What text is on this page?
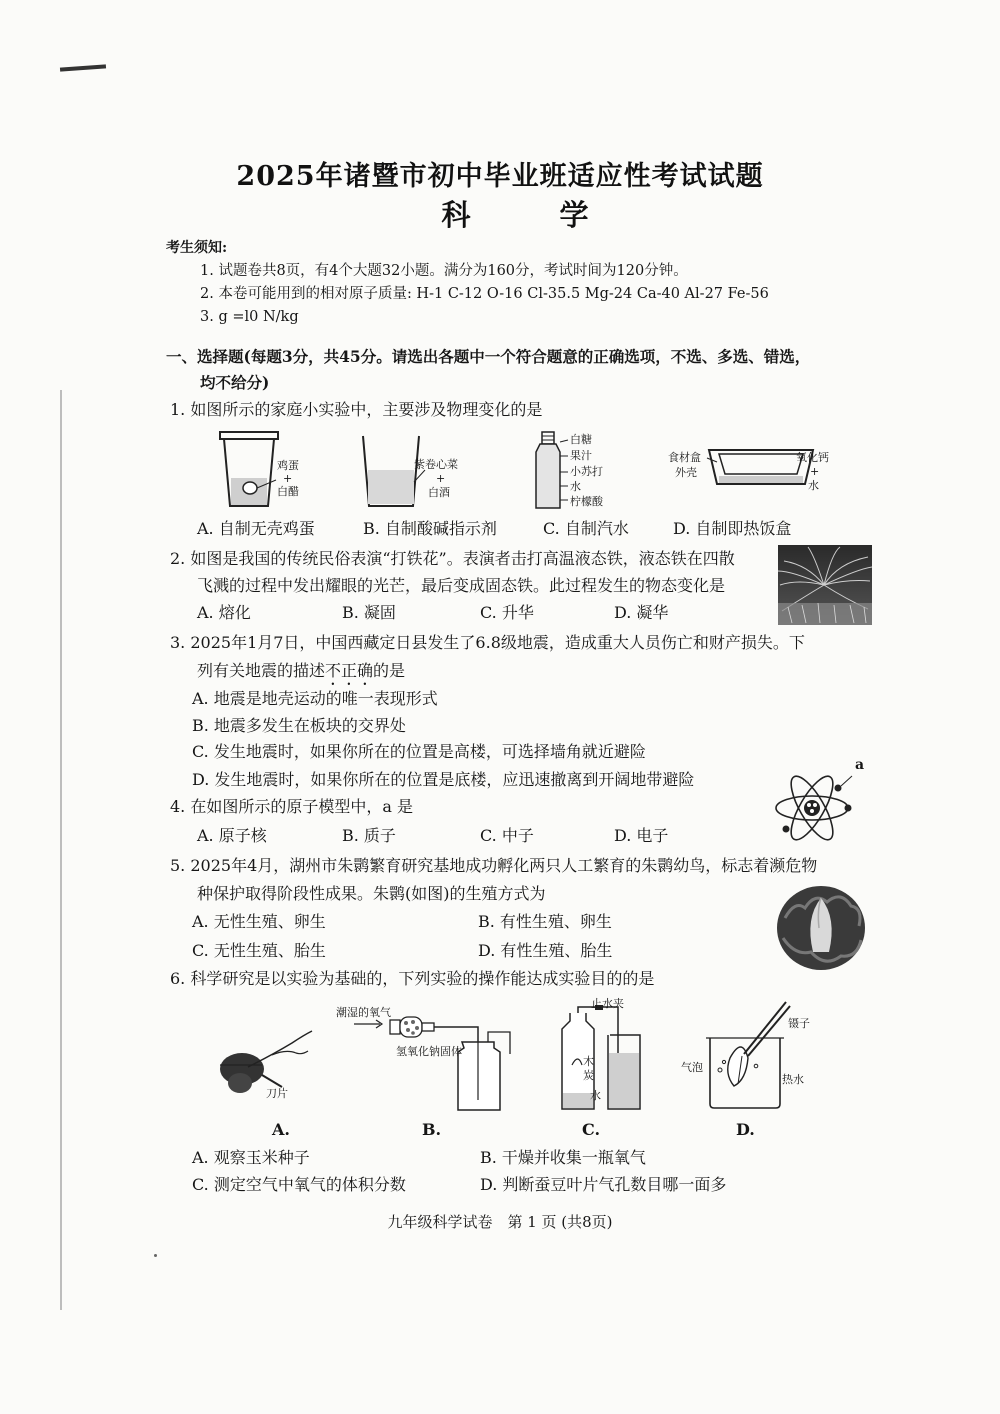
2025年诸暨市初中毕业班适应性考试试题
科　学
考生须知:
1. 试题卷共8页，有4个大题32小题。满分为160分，考试时间为120分钟。
2. 本卷可能用到的相对原子质量: H-1 C-12 O-16 Cl-35.5 Mg-24 Ca-40 Al-27 Fe-56
3. g =l0 N/kg
一、选择题(每题3分，共45分。请选出各题中一个符合题意的正确选项，不选、多选、错选，
均不给分)
1. 如图所示的家庭小实验中，主要涉及物理变化的是
鸡蛋
+
白醋
紫卷心菜
+
白酒
白糖
果汁
小苏打
水
柠檬酸
食材盒
外壳
氧化钙
+
水
A. 自制无壳鸡蛋	B. 自制酸碱指示剂	C. 自制汽水	D. 自制即热饭盒
2. 如图是我国的传统民俗表演“打铁花”。表演者击打高温液态铁，液态铁在四散
飞溅的过程中发出耀眼的光芒，最后变成固态铁。此过程发生的物态变化是
A. 熔化	B. 凝固	C. 升华	D. 凝华
3. 2025年1月7日，中国西藏定日县发生了6.8级地震，造成重大人员伤亡和财产损失。下
列有关地震的描述不正确的是
A. 地震是地壳运动的唯一表现形式
B. 地震多发生在板块的交界处
C. 发生地震时，如果你所在的位置是高楼，可选择墙角就近避险
D. 发生地震时，如果你所在的位置是底楼，应迅速撤离到开阔地带避险
4. 在如图所示的原子模型中，a 是
A. 原子核	B. 质子	C. 中子	D. 电子
a
5. 2025年4月，湖州市朱鹮繁育研究基地成功孵化两只人工繁育的朱鹮幼鸟，标志着濒危物
种保护取得阶段性成果。朱鹮(如图)的生殖方式为
A. 无性生殖、卵生	B. 有性生殖、卵生
C. 无性生殖、胎生	D. 有性生殖、胎生
6. 科学研究是以实验为基础的，下列实验的操作能达成实验目的的是
刀片
潮湿的氧气
氢氧化钠固体
止水夹
木
炭
水
镊子
气泡
热水
A.	B.	C.	D.
A. 观察玉米种子	B. 干燥并收集一瓶氧气
C. 测定空气中氧气的体积分数	D. 判断蚕豆叶片气孔数目哪一面多
九年级科学试卷　第 1 页 (共8页)
